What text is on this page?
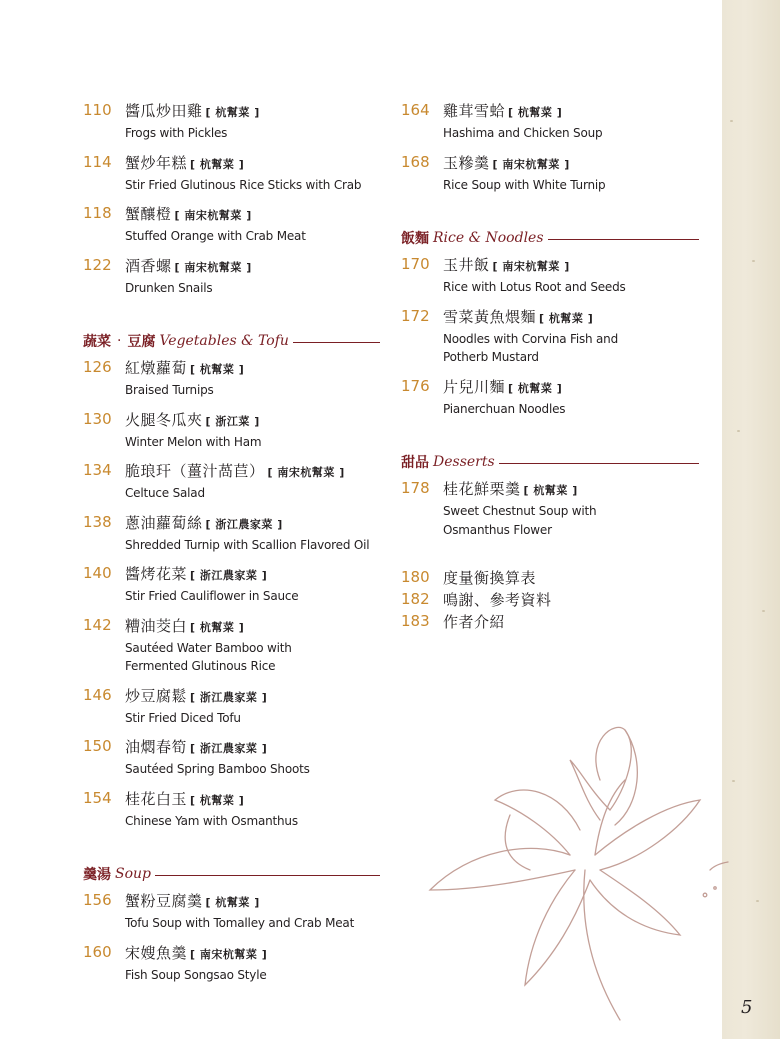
110 醬瓜炒田雞 [ 杭幫菜 ]
Frogs with Pickles
114 蟹炒年糕 [ 杭幫菜 ]
Stir Fried Glutinous Rice Sticks with Crab
118 蟹釀橙 [ 南宋杭幫菜 ]
Stuffed Orange with Crab Meat
122 酒香螺 [ 南宋杭幫菜 ]
Drunken Snails
蔬菜 · 豆腐 Vegetables & Tofu
126 紅燉蘿蔔 [ 杭幫菜 ]
Braised Turnips
130 火腿冬瓜夾 [ 浙江菜 ]
Winter Melon with Ham
134 脆琅玕（薑汁萵苣） [ 南宋杭幫菜 ]
Celtuce Salad
138 蔥油蘿蔔絲 [ 浙江農家菜 ]
Shredded Turnip with Scallion Flavored Oil
140 醬烤花菜 [ 浙江農家菜 ]
Stir Fried Cauliflower in Sauce
142 糟油茭白 [ 杭幫菜 ]
Sautéed Water Bamboo with
Fermented Glutinous Rice
146 炒豆腐鬆 [ 浙江農家菜 ]
Stir Fried Diced Tofu
150 油燜春筍 [ 浙江農家菜 ]
Sautéed Spring Bamboo Shoots
154 桂花白玉 [ 杭幫菜 ]
Chinese Yam with Osmanthus
羹湯 Soup
156 蟹粉豆腐羹 [ 杭幫菜 ]
Tofu Soup with Tomalley and Crab Meat
160 宋嫂魚羹 [ 南宋杭幫菜 ]
Fish Soup Songsao Style
164 雞茸雪蛤 [ 杭幫菜 ]
Hashima and Chicken Soup
168 玉糝羹 [ 南宋杭幫菜 ]
Rice Soup with White Turnip
飯麵 Rice & Noodles
170 玉井飯 [ 南宋杭幫菜 ]
Rice with Lotus Root and Seeds
172 雪菜黃魚煨麵 [ 杭幫菜 ]
Noodles with Corvina Fish and
Potherb Mustard
176 片兒川麵 [ 杭幫菜 ]
Pianerchuan Noodles
甜品 Desserts
178 桂花鮮栗羹 [ 杭幫菜 ]
Sweet Chestnut Soup with
Osmanthus Flower
180 度量衡換算表
182 鳴謝、參考資料
183 作者介紹
5
